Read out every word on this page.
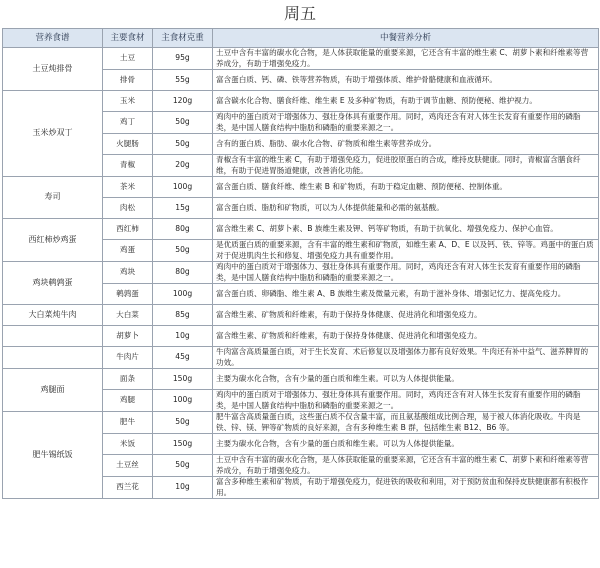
周五
营养食谱	主要食材	主食材克重	中餐营养分析
土豆炖排骨	土豆	95g	土豆中含有丰富的碳水化合物，是人体获取能量的重要来源，它还含有丰富的维生素 C、胡萝卜素和纤维素等营养成分，有助于增强免疫力。
	排骨	55g	富含蛋白质、钙、磷、铁等营养物质，有助于增强体质、维护骨骼健康和血液循环。
玉米炒双丁	玉米	120g	富含碳水化合物、膳食纤维、维生素 E 及多种矿物质，有助于调节血糖、预防便秘、维护视力。
	鸡丁	50g	鸡肉中的蛋白质对于增强体力、强壮身体具有重要作用。同时，鸡肉还含有对人体生长发育有重要作用的磷脂类，是中国人膳食结构中脂肪和磷脂的重要来源之一。
	火腿肠	50g	含有的蛋白质、脂肪、碳水化合物、矿物质和维生素等营养成分。
	青椒	20g	青椒含有丰富的维生素 C，有助于增强免疫力，促进胶原蛋白的合成，维持皮肤健康。同时，青椒富含膳食纤维，有助于促进胃肠道健康，改善消化功能。
寿司	茶米	100g	富含蛋白质、膳食纤维、维生素 B 和矿物质，有助于稳定血糖、预防便秘、控制体重。
	肉松	15g	富含蛋白质、脂肪和矿物质，可以为人体提供能量和必需的氨基酸。
西红柿炒鸡蛋	西红柿	80g	富含维生素 C、胡萝卜素、B 族维生素及钾、钙等矿物质，有助于抗氧化、增强免疫力、保护心血管。
	鸡蛋	50g	是优质蛋白质的重要来源，含有丰富的维生素和矿物质，如维生素 A、D、E 以及钙、铁、锌等。鸡蛋中的蛋白质对于促进肌肉生长和修复、增强免疫力具有重要作用。
鸡块鹌鹑蛋	鸡块	80g	鸡肉中的蛋白质对于增强体力、强壮身体具有重要作用。同时，鸡肉还含有对人体生长发育有重要作用的磷脂类，是中国人膳食结构中脂肪和磷脂的重要来源之一。
	鹌鹑蛋	100g	富含蛋白质、卵磷脂、维生素 A、B 族维生素及微量元素，有助于滋补身体、增强记忆力、提高免疫力。
大白菜炖牛肉	大白菜	85g	富含维生素、矿物质和纤维素，有助于保持身体健康、促进消化和增强免疫力。
	胡萝卜	10g	富含维生素、矿物质和纤维素，有助于保持身体健康、促进消化和增强免疫力。
	牛肉片	45g	牛肉富含高质量蛋白质，对于生长发育、术后修复以及增强体力都有良好效果。牛肉还有补中益气、滋养脾胃的功效。
鸡腿面	面条	150g	主要为碳水化合物，含有少量的蛋白质和维生素。可以为人体提供能量。
	鸡腿	100g	鸡肉中的蛋白质对于增强体力、强壮身体具有重要作用。同时，鸡肉还含有对人体生长发育有重要作用的磷脂类，是中国人膳食结构中脂肪和磷脂的重要来源之一。
肥牛锡纸饭	肥牛	50g	肥牛富含高质量蛋白质，这些蛋白质不仅含量丰富，而且氨基酸组成比例合理，易于被人体消化吸收。牛肉是铁、锌、镁、钾等矿物质的良好来源，含有多种维生素 B 群，包括维生素 B12、B6 等。
	米饭	150g	主要为碳水化合物，含有少量的蛋白质和维生素。可以为人体提供能量。
	土豆丝	50g	土豆中含有丰富的碳水化合物，是人体获取能量的重要来源，它还含有丰富的维生素 C、胡萝卜素和纤维素等营养成分，有助于增强免疫力。
	西兰花	10g	富含多种维生素和矿物质，有助于增强免疫力，促进铁的吸收和利用，对于预防贫血和保持皮肤健康都有积极作用。
